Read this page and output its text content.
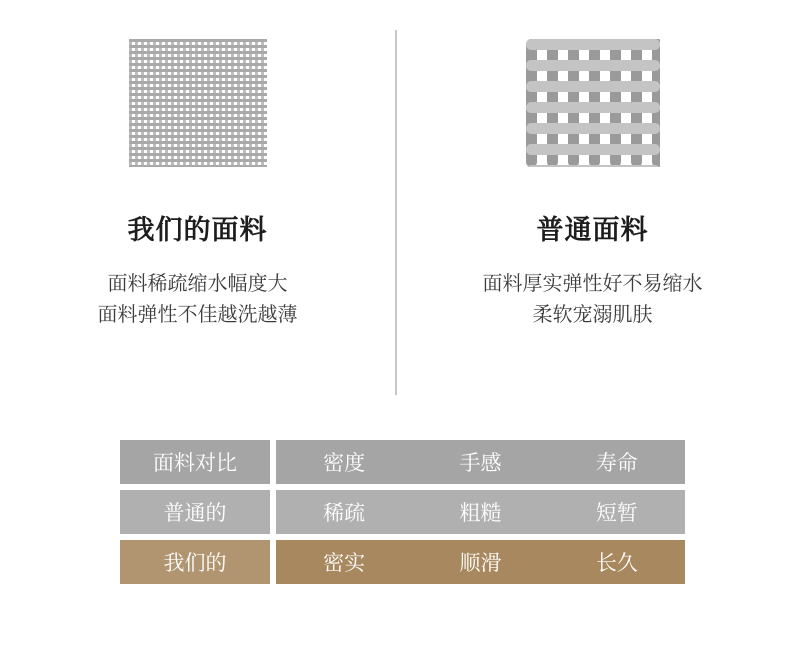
我们的面料
面料稀疏缩水幅度大
面料弹性不佳越洗越薄
普通面料
面料厚实弹性好不易缩水
柔软宠溺肌肤
面料对比	密度	手感	寿命
普通的	稀疏	粗糙	短暂
我们的	密实	顺滑	长久
